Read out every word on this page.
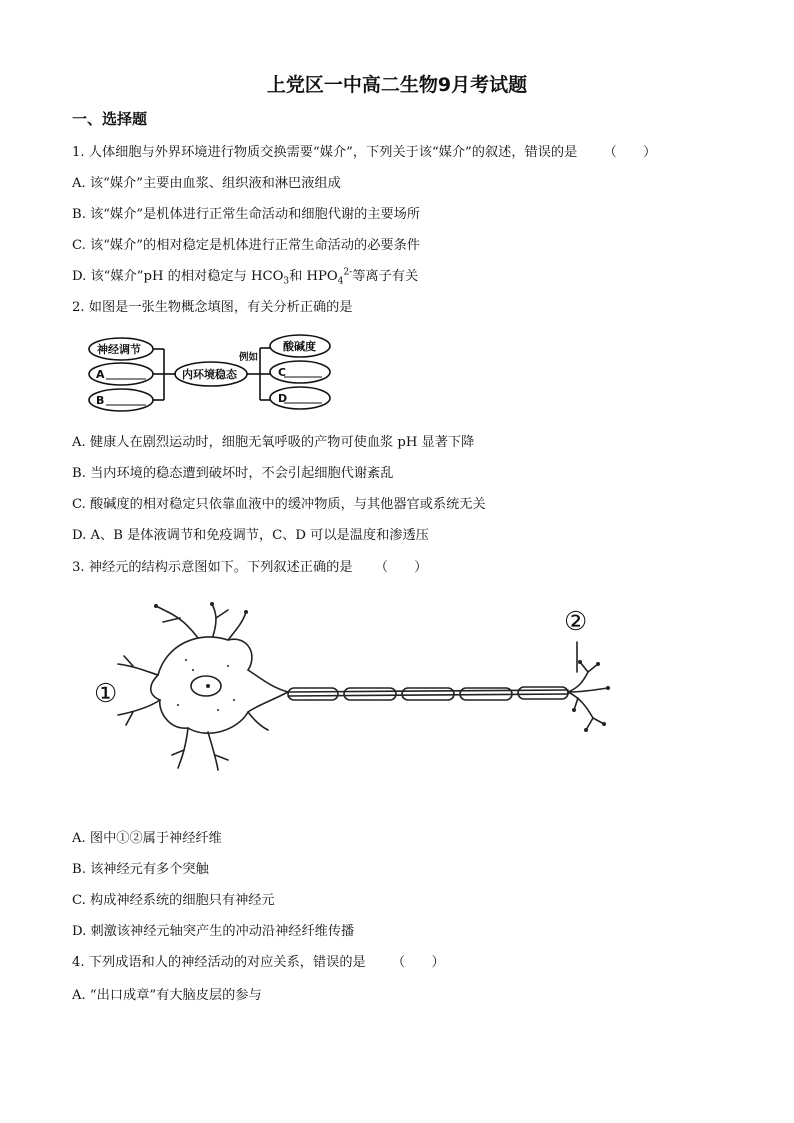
上党区一中高二生物9月考试题
一、选择题
1. 人体细胞与外界环境进行物质交换需要“媒介”，下列关于该“媒介”的叙述，错误的是 （　　）
A. 该“媒介”主要由血浆、组织液和淋巴液组成
B. 该“媒介”是机体进行正常生命活动和细胞代谢的主要场所
C. 该“媒介”的相对稳定是机体进行正常生命活动的必要条件
D. 该“媒介”pH 的相对稳定与 $HCO_3$和 $HPO_4^{2-}$等离子有关
2. 如图是一张生物概念填图，有关分析正确的是
神经调节
A
B
内环境稳态
例如
酸碱度
C
D
A. 健康人在剧烈运动时，细胞无氧呼吸的产物可使血浆 pH 显著下降
B. 当内环境的稳态遭到破坏时，不会引起细胞代谢紊乱
C. 酸碱度的相对稳定只依靠血液中的缓冲物质，与其他器官或系统无关
D. A、B 是体液调节和免疫调节，C、D 可以是温度和渗透压
3. 神经元的结构示意图如下。下列叙述正确的是 （　　）
①
②
A. 图中①②属于神经纤维
B. 该神经元有多个突触
C. 构成神经系统的细胞只有神经元
D. 刺激该神经元轴突产生的冲动沿神经纤维传播
4. 下列成语和人的神经活动的对应关系，错误的是 （　　）
A. “出口成章”有大脑皮层的参与
